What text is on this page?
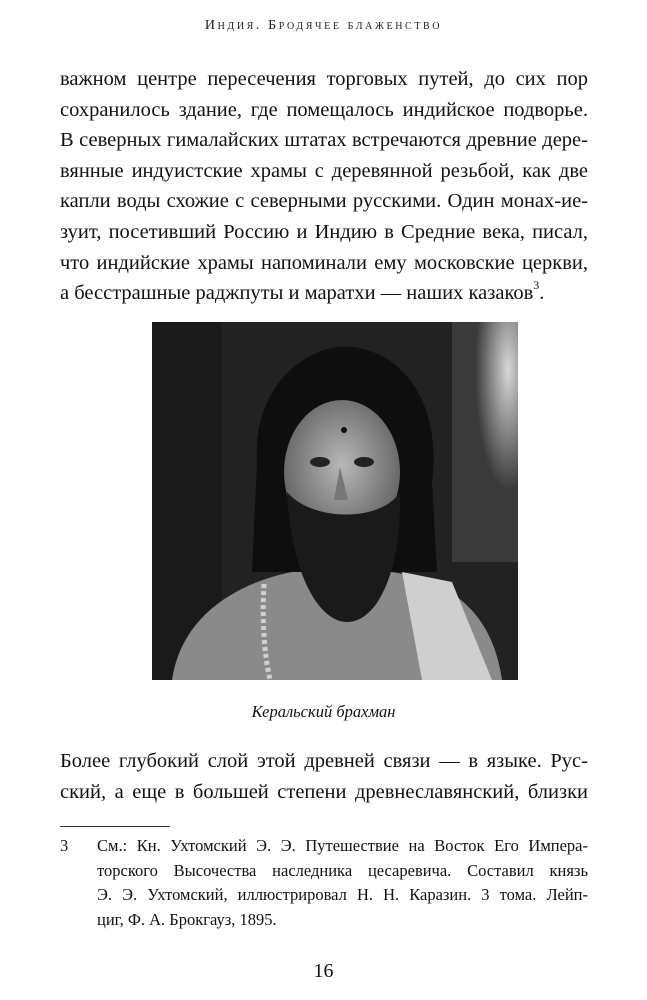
Индия. Бродячее блаженство
важном центре пересечения торговых путей, до сих пор
сохранилось здание, где помещалось индийское подворье.
В северных гималайских штатах встречаются древние дере-
вянные индуистские храмы с деревянной резьбой, как две
капли воды схожие с северными русскими. Один монах-ие-
зуит, посетивший Россию и Индию в Средние века, писал,
что индийские храмы напоминали ему московские церкви,
а бесстрашные раджпуты и маратхи — наших казаков$^3$.
Керальский брахман
Более глубокий слой этой древней связи — в языке. Рус-
ский, а еще в большей степени древнеславянский, близки
3 См.: Кн. Ухтомский Э. Э. Путешествие на Восток Его Импера-
торского Высочества наследника цесаревича. Составил князь
Э. Э. Ухтомский, иллюстрировал Н. Н. Каразин. 3 тома. Лейп-
циг, Ф. А. Брокгауз, 1895.
16
